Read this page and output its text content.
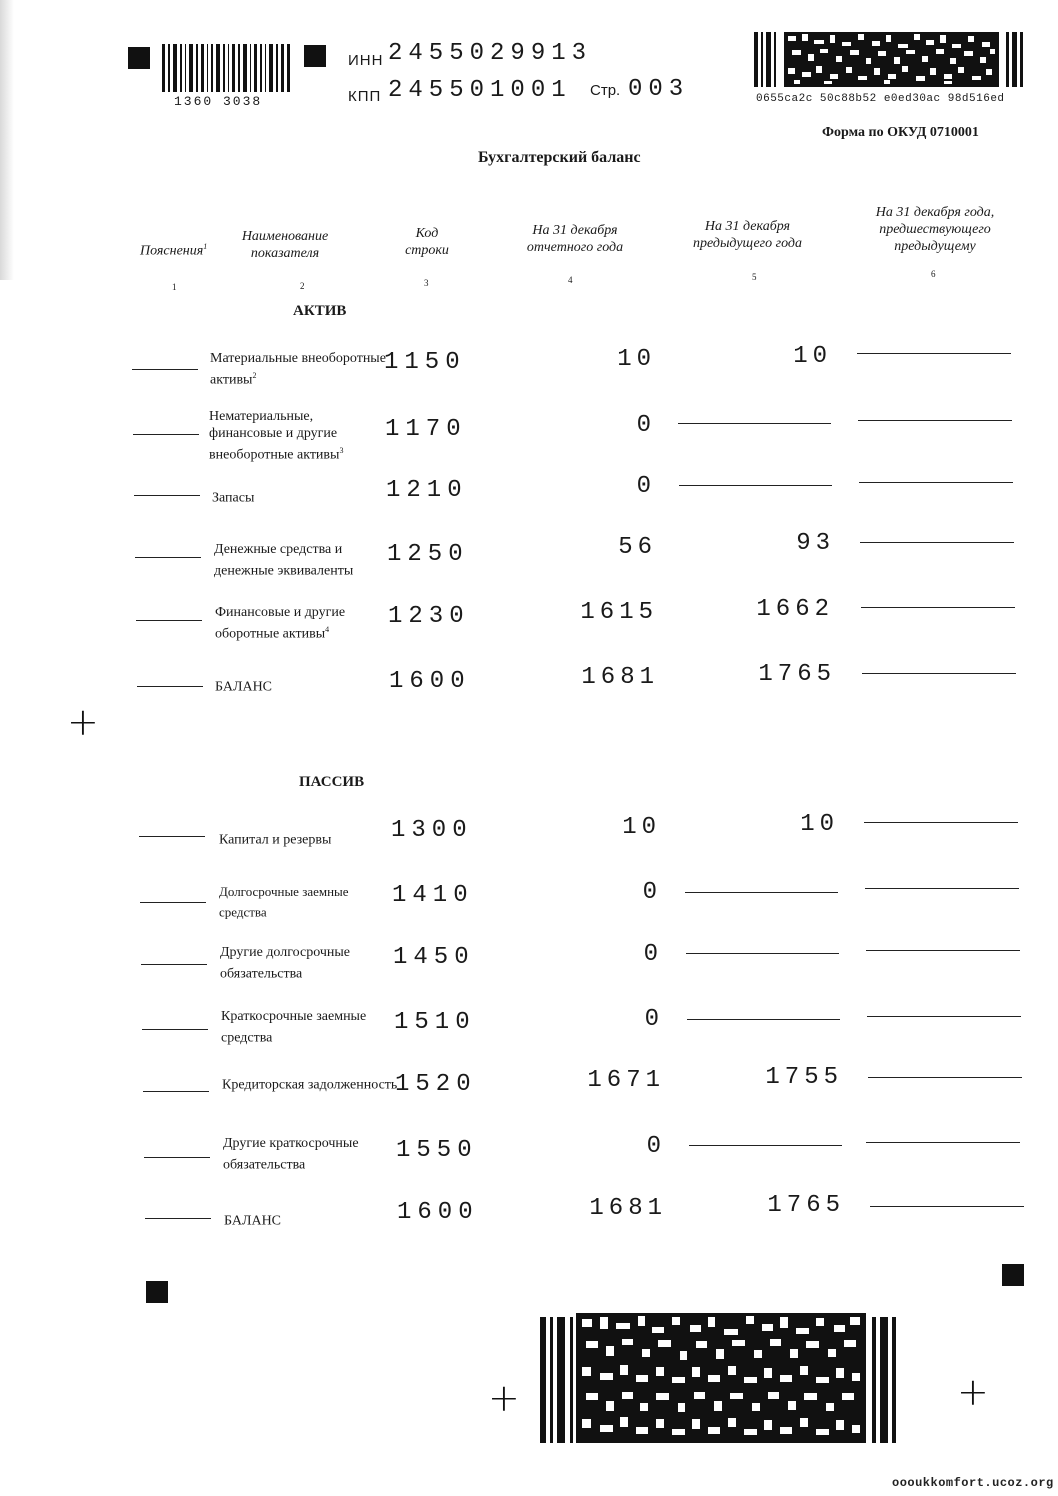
1360 3038
ИНН 2455029913
КПП 245501001 Стр. 003	0655ca2c 50c88b52 e0ed30ac 98d516ed
Форма по ОКУД 0710001
Бухгалтерский баланс
Пояснения$^1$
Наименование показателя
Код строки
На 31 декабря отчетного года
На 31 декабря предыдущего года
На 31 декабря года, предшествующего предыдущему
1	2	3	4	5	6
АКТИВ
Материальные внеоборотные активы$^2$	1150	10	10
Нематериальные, финансовые и другие внеоборотные активы$^3$
1170	0
Запасы	1210	0
Денежные средства и денежные эквиваленты
1250	56	93
Финансовые и другие оборотные активы$^4$	1230	1615	1662
БАЛАНС	1600	1681	1765
+
ПАССИВ
Капитал и резервы	1300	10	10
Долгосрочные заемные средства
1410	0
Другие долгосрочные обязательства
1450	0
Краткосрочные заемные средства
1510	0
Кредиторская задолженность
1520	1671	1755
Другие краткосрочные обязательства
1550	0
БАЛАНС	1600	1681	1765
+	+
oooukkomfort.ucoz.org
